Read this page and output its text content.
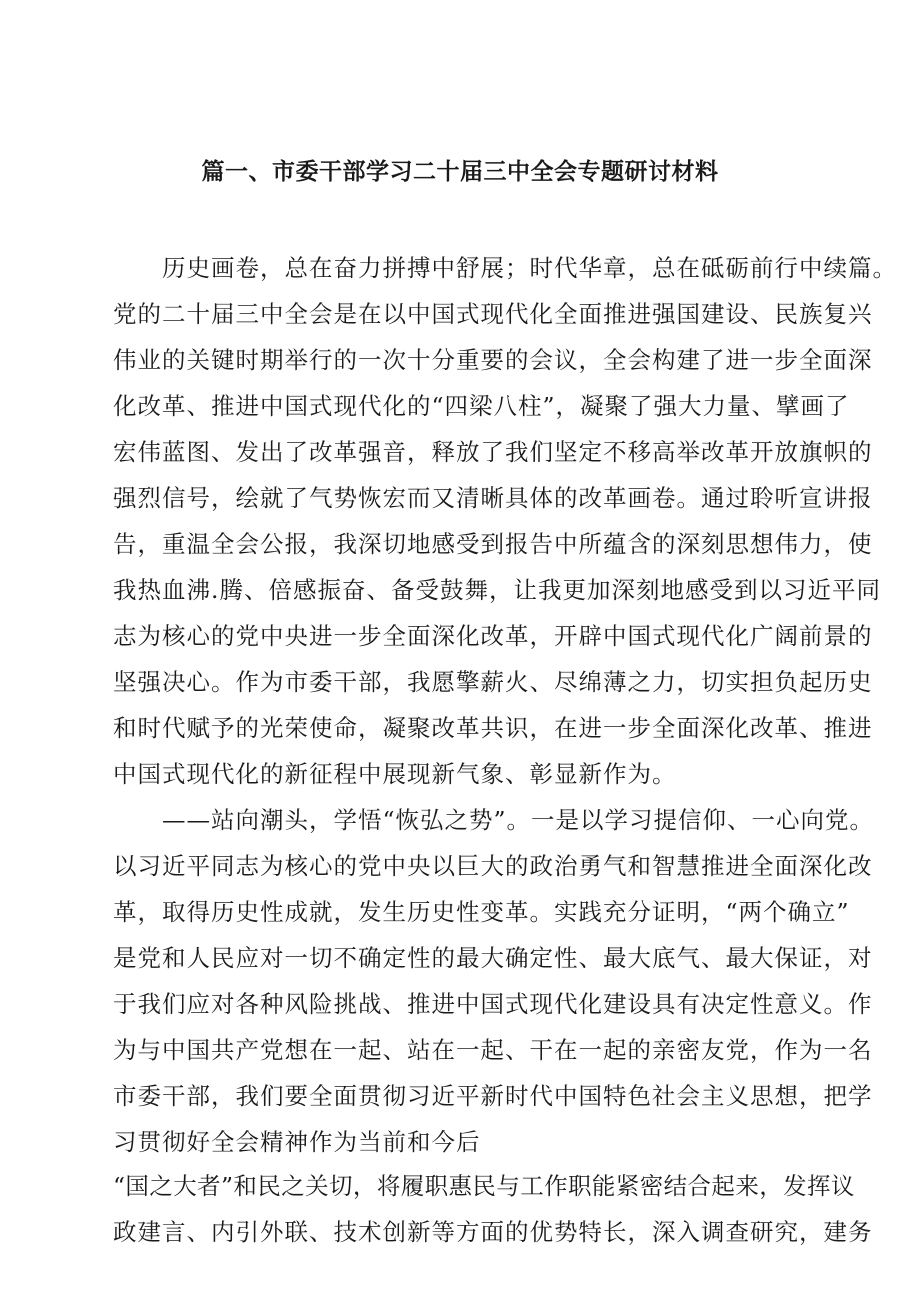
篇一、市委干部学习二十届三中全会专题研讨材料
历史画卷，总在奋力拼搏中舒展；时代华章，总在砥砺前行中续篇。
党的二十届三中全会是在以中国式现代化全面推进强国建设、民族复兴
伟业的关键时期举行的一次十分重要的会议，全会构建了进一步全面深
化改革、推进中国式现代化的“四梁八柱”，凝聚了强大力量、擘画了
宏伟蓝图、发出了改革强音，释放了我们坚定不移高举改革开放旗帜的
强烈信号，绘就了气势恢宏而又清晰具体的改革画卷。通过聆听宣讲报
告，重温全会公报，我深切地感受到报告中所蕴含的深刻思想伟力，使
我热血沸.腾、倍感振奋、备受鼓舞，让我更加深刻地感受到以习近平同
志为核心的党中央进一步全面深化改革，开辟中国式现代化广阔前景的
坚强决心。作为市委干部，我愿擎薪火、尽绵薄之力，切实担负起历史
和时代赋予的光荣使命，凝聚改革共识，在进一步全面深化改革、推进
中国式现代化的新征程中展现新气象、彰显新作为。
——站向潮头，学悟“恢弘之势”。一是以学习提信仰、一心向党。
以习近平同志为核心的党中央以巨大的政治勇气和智慧推进全面深化改
革，取得历史性成就，发生历史性变革。实践充分证明，“两个确立”
是党和人民应对一切不确定性的最大确定性、最大底气、最大保证，对
于我们应对各种风险挑战、推进中国式现代化建设具有决定性意义。作
为与中国共产党想在一起、站在一起、干在一起的亲密友党，作为一名
市委干部，我们要全面贯彻习近平新时代中国特色社会主义思想，把学
习贯彻好全会精神作为当前和今后
“国之大者”和民之关切，将履职惠民与工作职能紧密结合起来，发挥议
政建言、内引外联、技术创新等方面的优势特长，深入调查研究，建务
